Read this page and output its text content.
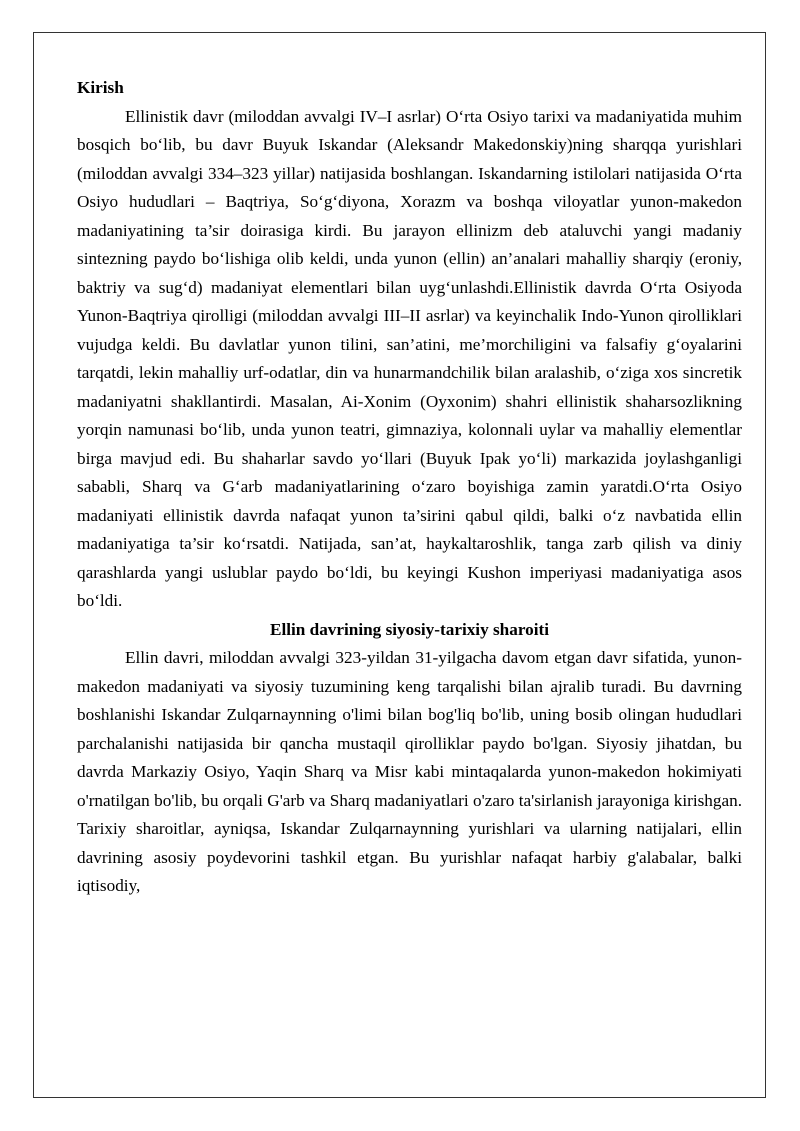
Kirish

Ellinistik davr (miloddan avvalgi IV–I asrlar) O‘rta Osiyo tarixi va madaniyatida muhim bosqich bo‘lib, bu davr Buyuk Iskandar (Aleksandr Makedonskiy)ning sharqqa yurishlari (miloddan avvalgi 334–323 yillar) natijasida boshlangan. Iskandarning istilolari natijasida O‘rta Osiyo hududlari – Baqtriya, So‘g‘diyona, Xorazm va boshqa viloyatlar yunon-makedon madaniyatining ta’sir doirasiga kirdi. Bu jarayon ellinizm deb ataluvchi yangi madaniy sintezning paydo bo‘lishiga olib keldi, unda yunon (ellin) an’analari mahalliy sharqiy (eroniy, baktriy va sug‘d) madaniyat elementlari bilan uyg‘unlashdi.Ellinistik davrda O‘rta Osiyoda Yunon-Baqtriya qirolligi (miloddan avvalgi III–II asrlar) va keyinchalik Indo-Yunon qirolliklari vujudga keldi. Bu davlatlar yunon tilini, san’atini, me’morchiligini va falsafiy g‘oyalarini tarqatdi, lekin mahalliy urf-odatlar, din va hunarmandchilik bilan aralashib, o‘ziga xos sincretik madaniyatni shakllantirdi. Masalan, Ai-Xonim (Oyxonim) shahri ellinistik shaharsozlikning yorqin namunasi bo‘lib, unda yunon teatri, gimnaziya, kolonnali uylar va mahalliy elementlar birga mavjud edi. Bu shaharlar savdo yo‘llari (Buyuk Ipak yo‘li) markazida joylashganligi sababli, Sharq va G‘arb madaniyatlarining o‘zaro boyishiga zamin yaratdi.O‘rta Osiyo madaniyati ellinistik davrda nafaqat yunon ta’sirini qabul qildi, balki o‘z navbatida ellin madaniyatiga ta’sir ko‘rsatdi. Natijada, san’at, haykaltaroshlik, tanga zarb qilish va diniy qarashlarda yangi uslublar paydo bo‘ldi, bu keyingi Kushon imperiyasi madaniyatiga asos bo‘ldi.

Ellin davrining siyosiy-tarixiy sharoiti

Ellin davri, miloddan avvalgi 323-yildan 31-yilgacha davom etgan davr sifatida, yunon-makedon madaniyati va siyosiy tuzumining keng tarqalishi bilan ajralib turadi. Bu davrning boshlanishi Iskandar Zulqarnaynning o'limi bilan bog'liq bo'lib, uning bosib olingan hududlari parchalanishi natijasida bir qancha mustaqil qirolliklar paydo bo'lgan. Siyosiy jihatdan, bu davrda Markaziy Osiyo, Yaqin Sharq va Misr kabi mintaqalarda yunon-makedon hokimiyati o'rnatilgan bo'lib, bu orqali G'arb va Sharq madaniyatlari o'zaro ta'sirlanish jarayoniga kirishgan. Tarixiy sharoitlar, ayniqsa, Iskandar Zulqarnaynning yurishlari va ularning natijalari, ellin davrining asosiy poydevorini tashkil etgan. Bu yurishlar nafaqat harbiy g'alabalar, balki iqtisodiy,
